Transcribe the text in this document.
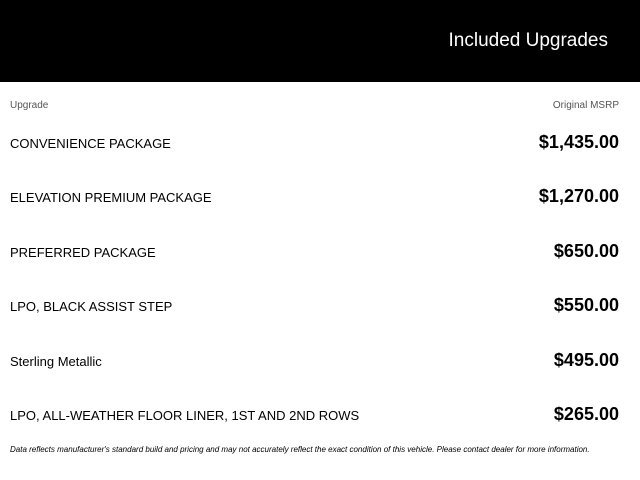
Included Upgrades
Upgrade	Original MSRP
CONVENIENCE PACKAGE	$1,435.00
ELEVATION PREMIUM PACKAGE	$1,270.00
PREFERRED PACKAGE	$650.00
LPO, BLACK ASSIST STEP	$550.00
Sterling Metallic	$495.00
LPO, ALL-WEATHER FLOOR LINER, 1ST AND 2ND ROWS	$265.00
Data reflects manufacturer's standard build and pricing and may not accurately reflect the exact condition of this vehicle. Please contact dealer for more information.
